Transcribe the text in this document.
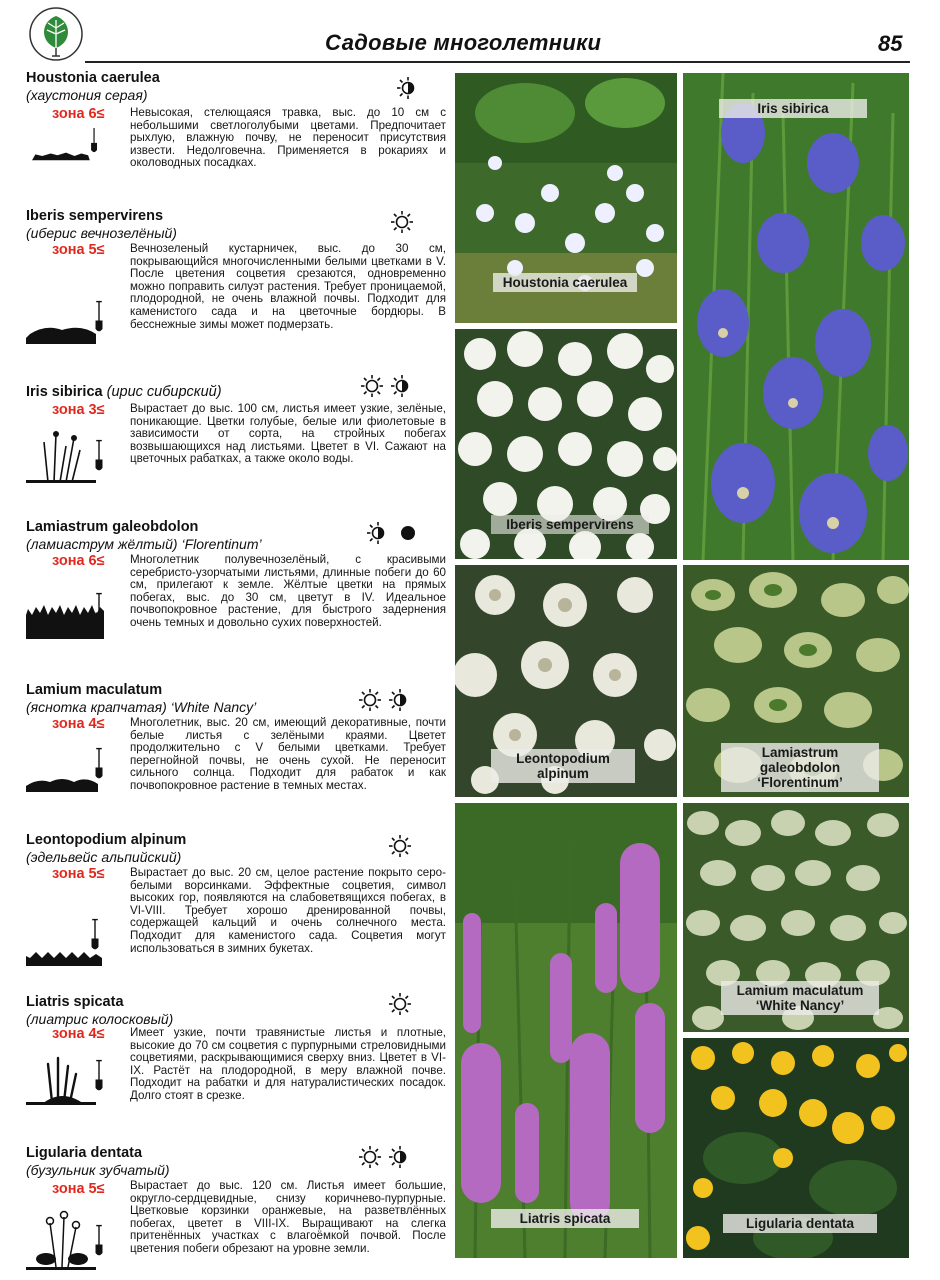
Садовые многолетники	85
Houstonia caerulea
(хаустония серая)
зона 6≤ Невысокая, стелющаяся травка, выс. до 10 см с небольшими светлоголубыми цветами. Предпочитает рыхлую, влажную почву, не переносит присутствия извести. Недолговечна. Применяется в рокариях и околоводных посадках.
Iberis sempervirens
(иберис вечнозелёный)
зона 5≤ Вечнозеленый кустарничек, выс. до 30 см, покрывающийся многочисленными белыми цветками в V. После цветения соцветия срезаются, одновременно можно поправить силуэт растения. Требует проницаемой, плодородной, не очень влажной почвы. Подходит для каменистого сада и на цветочные бордюры. В бесснежные зимы может подмерзать.
Iris sibirica (ирис сибирский)
зона 3≤ Вырастает до выс. 100 см, листья имеет узкие, зелёные, поникающие. Цветки голубые, белые или фиолетовые в зависимости от сорта, на стройных побегах возвышающихся над листьями. Цветет в VI. Сажают на цветочных рабатках, а также около воды.
Lamiastrum galeobdolon
(ламиаструм жёлтый) ‘Florentinum’
зона 6≤ Многолетник полувечнозелёный, с красивыми серебристо-узорчатыми листьями, длинные побеги до 60 см, прилегают к земле. Жёлтые цветки на прямых побегах, выс. до 30 см, цветут в IV. Идеальное почвопокровное растение, для быстрого задернения очень темных и довольно сухих поверхностей.
Lamium maculatum
(яснотка крапчатая) ‘White Nancy’
зона 4≤ Многолетник, выс. 20 см, имеющий декоративные, почти белые листья с зелёными краями. Цветет продолжительно с V белыми цветками. Требует перегнойной почвы, не очень сухой. Не переносит сильного солнца. Подходит для рабаток и как почвопокровное растение в темных местах.
Leontopodium alpinum
(эдельвейс альпийский)
зона 5≤ Вырастает до выс. 20 см, целое растение покрыто серо-белыми ворсинками. Эффектные соцветия, символ высоких гор, появляются на слабоветвящихся побегах, в VI-VIII. Требует хорошо дренированной почвы, содержащей кальций и очень солнечного места. Подходит для каменистого сада. Соцветия могут использоваться в зимних букетах.
Liatris spicata
(лиатрис колосковый)
зона 4≤ Имеет узкие, почти травянистые листья и плотные, высокие до 70 см соцветия с пурпурными стреловидными соцветиями, раскрывающимися сверху вниз. Цветет в VI-IX. Растёт на плодородной, в меру влажной почве. Подходит на рабатки и для натуралистических посадок. Долго стоят в срезке.
Ligularia dentata
(бузульник зубчатый)
зона 5≤ Вырастает до выс. 120 см. Листья имеет большие, округло-сердцевидные, снизу коричнево-пурпурные. Цветковые корзинки оранжевые, на разветвлённых побегах, цветет в VIII-IX. Выращивают на слегка притенённых участках с влагоёмкой почвой. После цветения побеги обрезают на уровне земли.
Houstonia caerulea
Iris sibirica
Iberis sempervirens
Leontopodium alpinum
Lamiastrum galeobdolon ‘Florentinum’
Liatris spicata
Lamium maculatum ‘White Nancy’
Ligularia dentata
